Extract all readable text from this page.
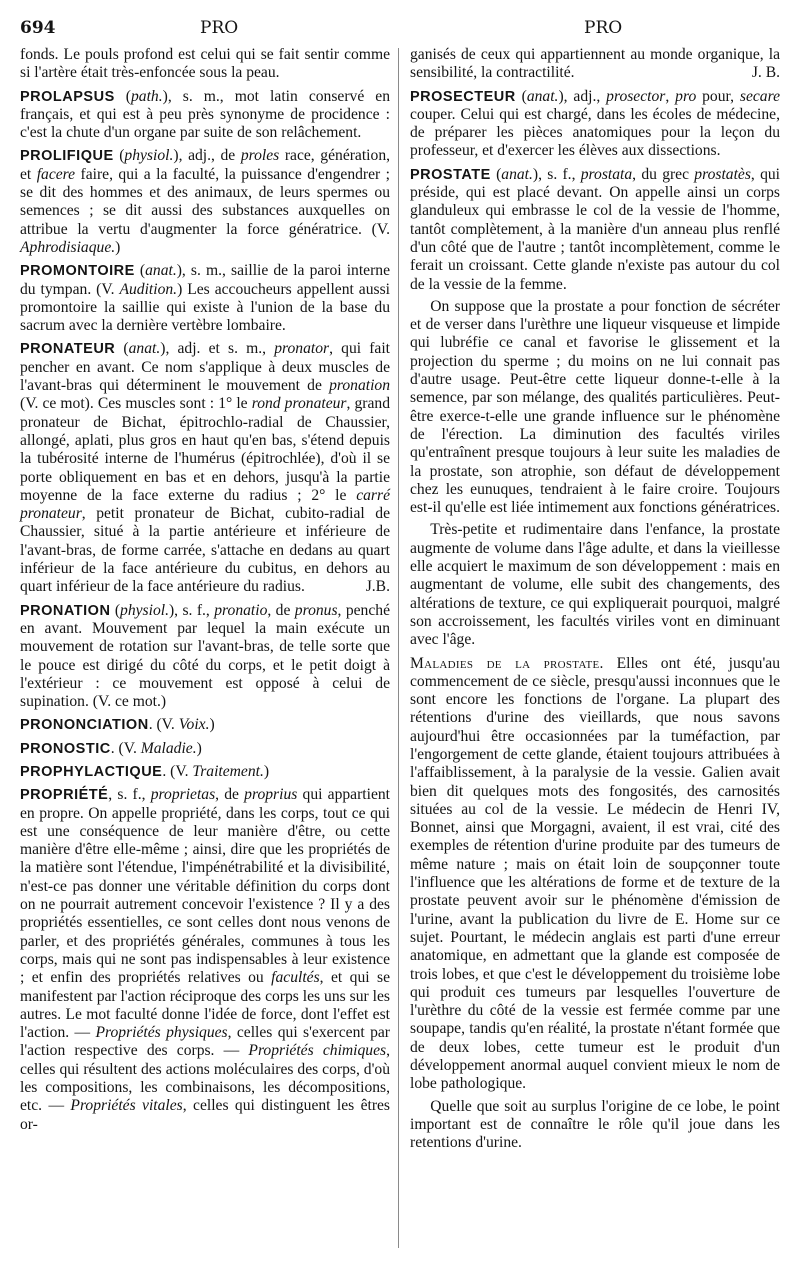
694	PRO	PRO

fonds. Le pouls profond est celui qui se fait sentir comme si l'artère était très-enfoncée sous la peau.

PROLAPSUS (path.), s. m., mot latin conservé en français, et qui est à peu près synonyme de procidence : c'est la chute d'un organe par suite de son relâchement.

PROLIFIQUE (physiol.), adj., de proles race, génération, et facere faire, qui a la faculté, la puissance d'engendrer ; se dit des hommes et des animaux, de leurs spermes ou semences ; se dit aussi des substances auxquelles on attribue la vertu d'augmenter la force génératrice. (V. Aphrodisiaque.)

PROMONTOIRE (anat.), s. m., saillie de la paroi interne du tympan. (V. Audition.) Les accoucheurs appellent aussi promontoire la saillie qui existe à l'union de la base du sacrum avec la dernière vertèbre lombaire.

PRONATEUR (anat.), adj. et s. m., pronator, qui fait pencher en avant. Ce nom s'applique à deux muscles de l'avant-bras qui déterminent le mouvement de pronation (V. ce mot). Ces muscles sont : 1° le rond pronateur, grand pronateur de Bichat, épitrochlo-radial de Chaussier, allongé, aplati, plus gros en haut qu'en bas, s'étend depuis la tubérosité interne de l'humérus (épitrochlée), d'où il se porte obliquement en bas et en dehors, jusqu'à la partie moyenne de la face externe du radius ; 2° le carré pronateur, petit pronateur de Bichat, cubito-radial de Chaussier, situé à la partie antérieure et inférieure de l'avant-bras, de forme carrée, s'attache en dedans au quart inférieur de la face antérieure du cubitus, en dehors au quart inférieur de la face antérieure du radius.	J.B.

PRONATION (physiol.), s. f., pronatio, de pronus, penché en avant. Mouvement par lequel la main exécute un mouvement de rotation sur l'avant-bras, de telle sorte que le pouce est dirigé du côté du corps, et le petit doigt à l'extérieur : ce mouvement est opposé à celui de supination. (V. ce mot.)

PRONONCIATION. (V. Voix.)

PRONOSTIC. (V. Maladie.)

PROPHYLACTIQUE. (V. Traitement.)

PROPRIÉTÉ, s. f., proprietas, de proprius qui appartient en propre. On appelle propriété, dans les corps, tout ce qui est une conséquence de leur manière d'être, ou cette manière d'être elle-même ; ainsi, dire que les propriétés de la matière sont l'étendue, l'impénétrabilité et la divisibilité, n'est-ce pas donner une véritable définition du corps dont on ne pourrait autrement concevoir l'existence ? Il y a des propriétés essentielles, ce sont celles dont nous venons de parler, et des propriétés générales, communes à tous les corps, mais qui ne sont pas indispensables à leur existence ; et enfin des propriétés relatives ou facultés, et qui se manifestent par l'action réciproque des corps les uns sur les autres. Le mot faculté donne l'idée de force, dont l'effet est l'action. — Propriétés physiques, celles qui s'exercent par l'action respective des corps. — Propriétés chimiques, celles qui résultent des actions moléculaires des corps, d'où les compositions, les combinaisons, les décompositions, etc. — Propriétés vitales, celles qui distinguent les êtres or-

ganisés de ceux qui appartiennent au monde organique, la sensibilité, la contractilité.	J. B.

PROSECTEUR (anat.), adj., prosector, pro pour, secare couper. Celui qui est chargé, dans les écoles de médecine, de préparer les pièces anatomiques pour la leçon du professeur, et d'exercer les élèves aux dissections.

PROSTATE (anat.), s. f., prostata, du grec prostatès, qui préside, qui est placé devant. On appelle ainsi un corps glanduleux qui embrasse le col de la vessie de l'homme, tantôt complètement, à la manière d'un anneau plus renflé d'un côté que de l'autre ; tantôt incomplètement, comme le ferait un croissant. Cette glande n'existe pas autour du col de la vessie de la femme.

On suppose que la prostate a pour fonction de sécréter et de verser dans l'urèthre une liqueur visqueuse et limpide qui lubréfie ce canal et favorise le glissement et la projection du sperme ; du moins on ne lui connait pas d'autre usage. Peut-être cette liqueur donne-t-elle à la semence, par son mélange, des qualités particulières. Peut-être exerce-t-elle une grande influence sur le phénomène de l'érection. La diminution des facultés viriles qu'entraînent presque toujours à leur suite les maladies de la prostate, son atrophie, son défaut de développement chez les eunuques, tendraient à le faire croire. Toujours est-il qu'elle est liée intimement aux fonctions génératrices.

Très-petite et rudimentaire dans l'enfance, la prostate augmente de volume dans l'âge adulte, et dans la vieillesse elle acquiert le maximum de son développement : mais en augmentant de volume, elle subit des changements, des altérations de texture, ce qui expliquerait pourquoi, malgré son accroissement, les facultés viriles vont en diminuant avec l'âge.

Maladies de la prostate. Elles ont été, jusqu'au commencement de ce siècle, presqu'aussi inconnues que le sont encore les fonctions de l'organe. La plupart des rétentions d'urine des vieillards, que nous savons aujourd'hui être occasionnées par la tuméfaction, par l'engorgement de cette glande, étaient toujours attribuées à l'affaiblissement, à la paralysie de la vessie. Galien avait bien dit quelques mots des fongosités, des carnosités situées au col de la vessie. Le médecin de Henri IV, Bonnet, ainsi que Morgagni, avaient, il est vrai, cité des exemples de rétention d'urine produite par des tumeurs de même nature ; mais on était loin de soupçonner toute l'influence que les altérations de forme et de texture de la prostate peuvent avoir sur le phénomène d'émission de l'urine, avant la publication du livre de E. Home sur ce sujet. Pourtant, le médecin anglais est parti d'une erreur anatomique, en admettant que la glande est composée de trois lobes, et que c'est le développement du troisième lobe qui produit ces tumeurs par lesquelles l'ouverture de l'urèthre du côté de la vessie est fermée comme par une soupape, tandis qu'en réalité, la prostate n'étant formée que de deux lobes, cette tumeur est le produit d'un développement anormal auquel convient mieux le nom de lobe pathologique.

Quelle que soit au surplus l'origine de ce lobe, le point important est de connaître le rôle qu'il joue dans les retentions d'urine.
